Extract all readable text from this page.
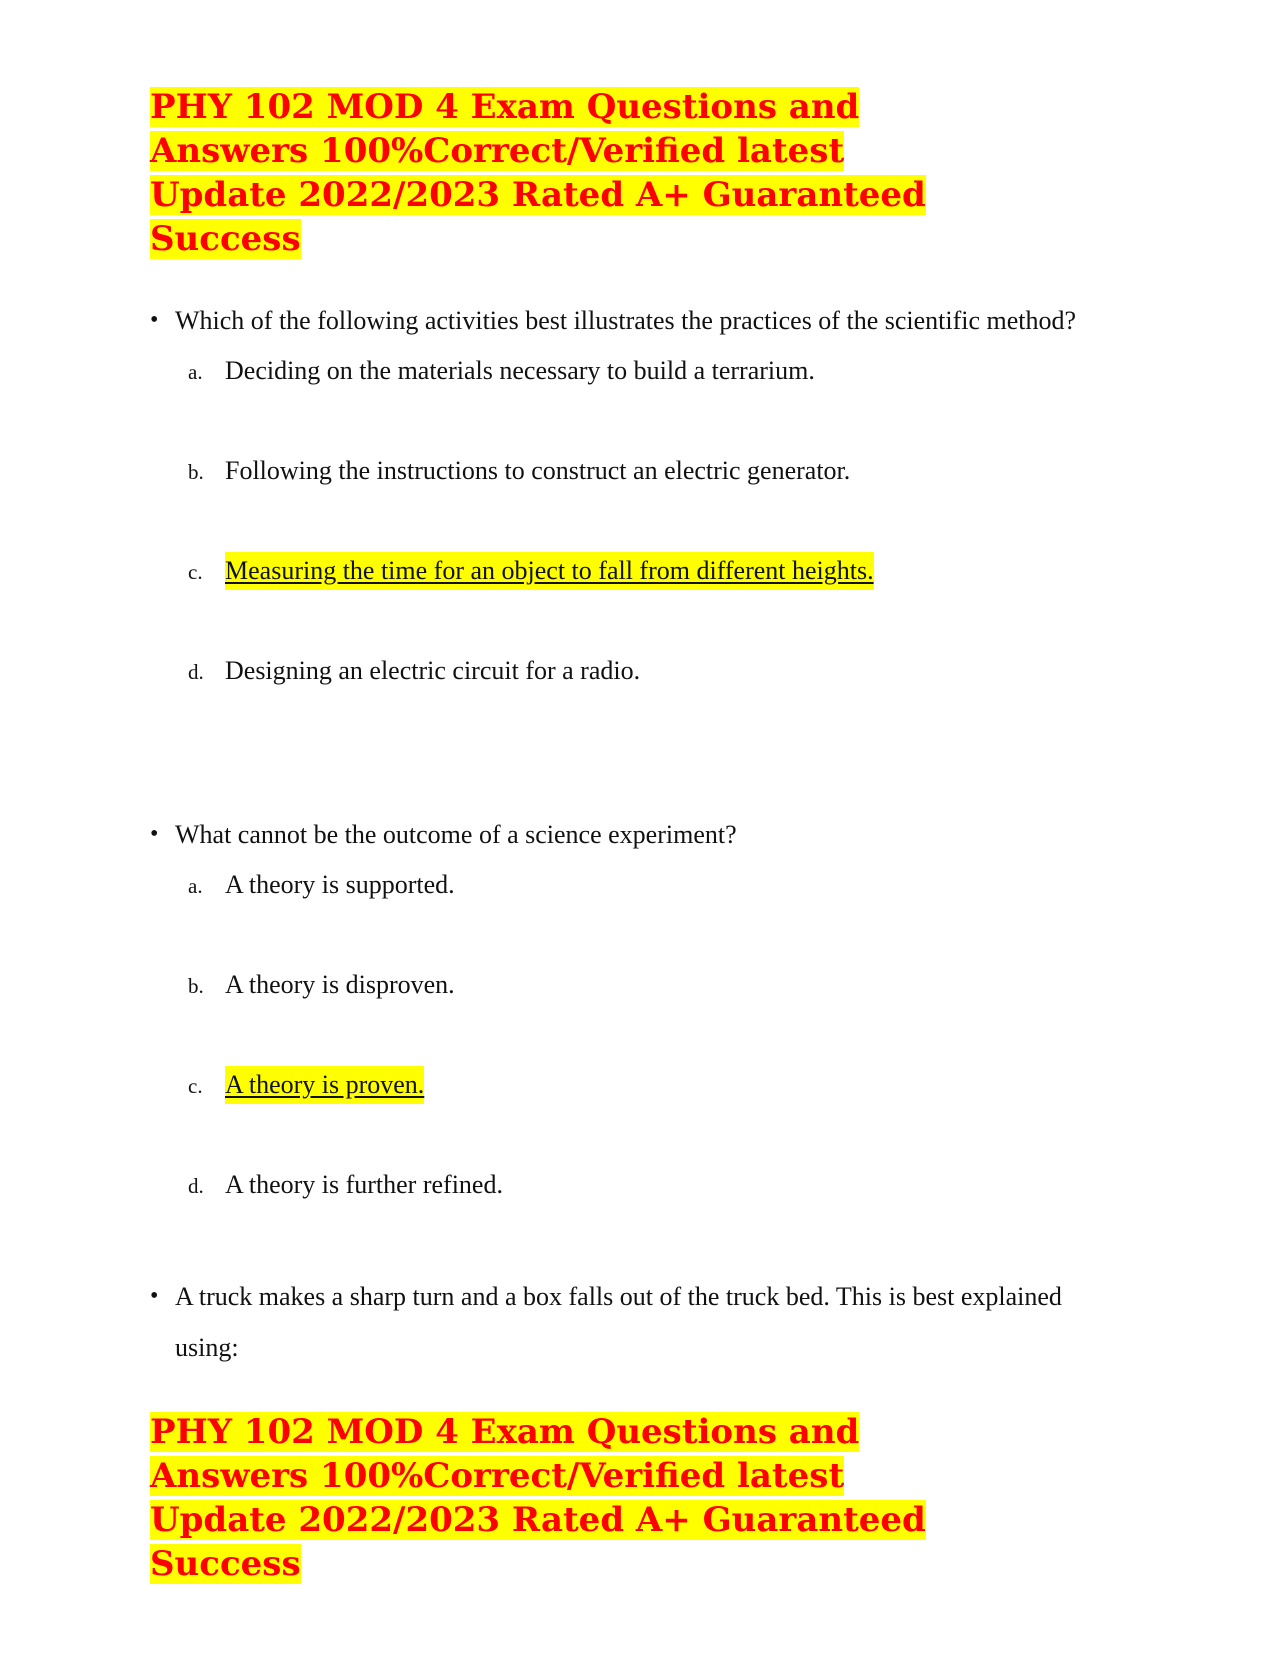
PHY 102 MOD 4 Exam Questions and
Answers 100%Correct/Verified latest
Update 2022/2023 Rated A+ Guaranteed
Success

• Which of the following activities best illustrates the practices of the scientific method?

a. Deciding on the materials necessary to build a terrarium.
b. Following the instructions to construct an electric generator.
c. Measuring the time for an object to fall from different heights.
d. Designing an electric circuit for a radio.

• What cannot be the outcome of a science experiment?

a. A theory is supported.
b. A theory is disproven.
c. A theory is proven.
d. A theory is further refined.

• A truck makes a sharp turn and a box falls out of the truck bed. This is best explained using:

PHY 102 MOD 4 Exam Questions and
Answers 100%Correct/Verified latest
Update 2022/2023 Rated A+ Guaranteed
Success
